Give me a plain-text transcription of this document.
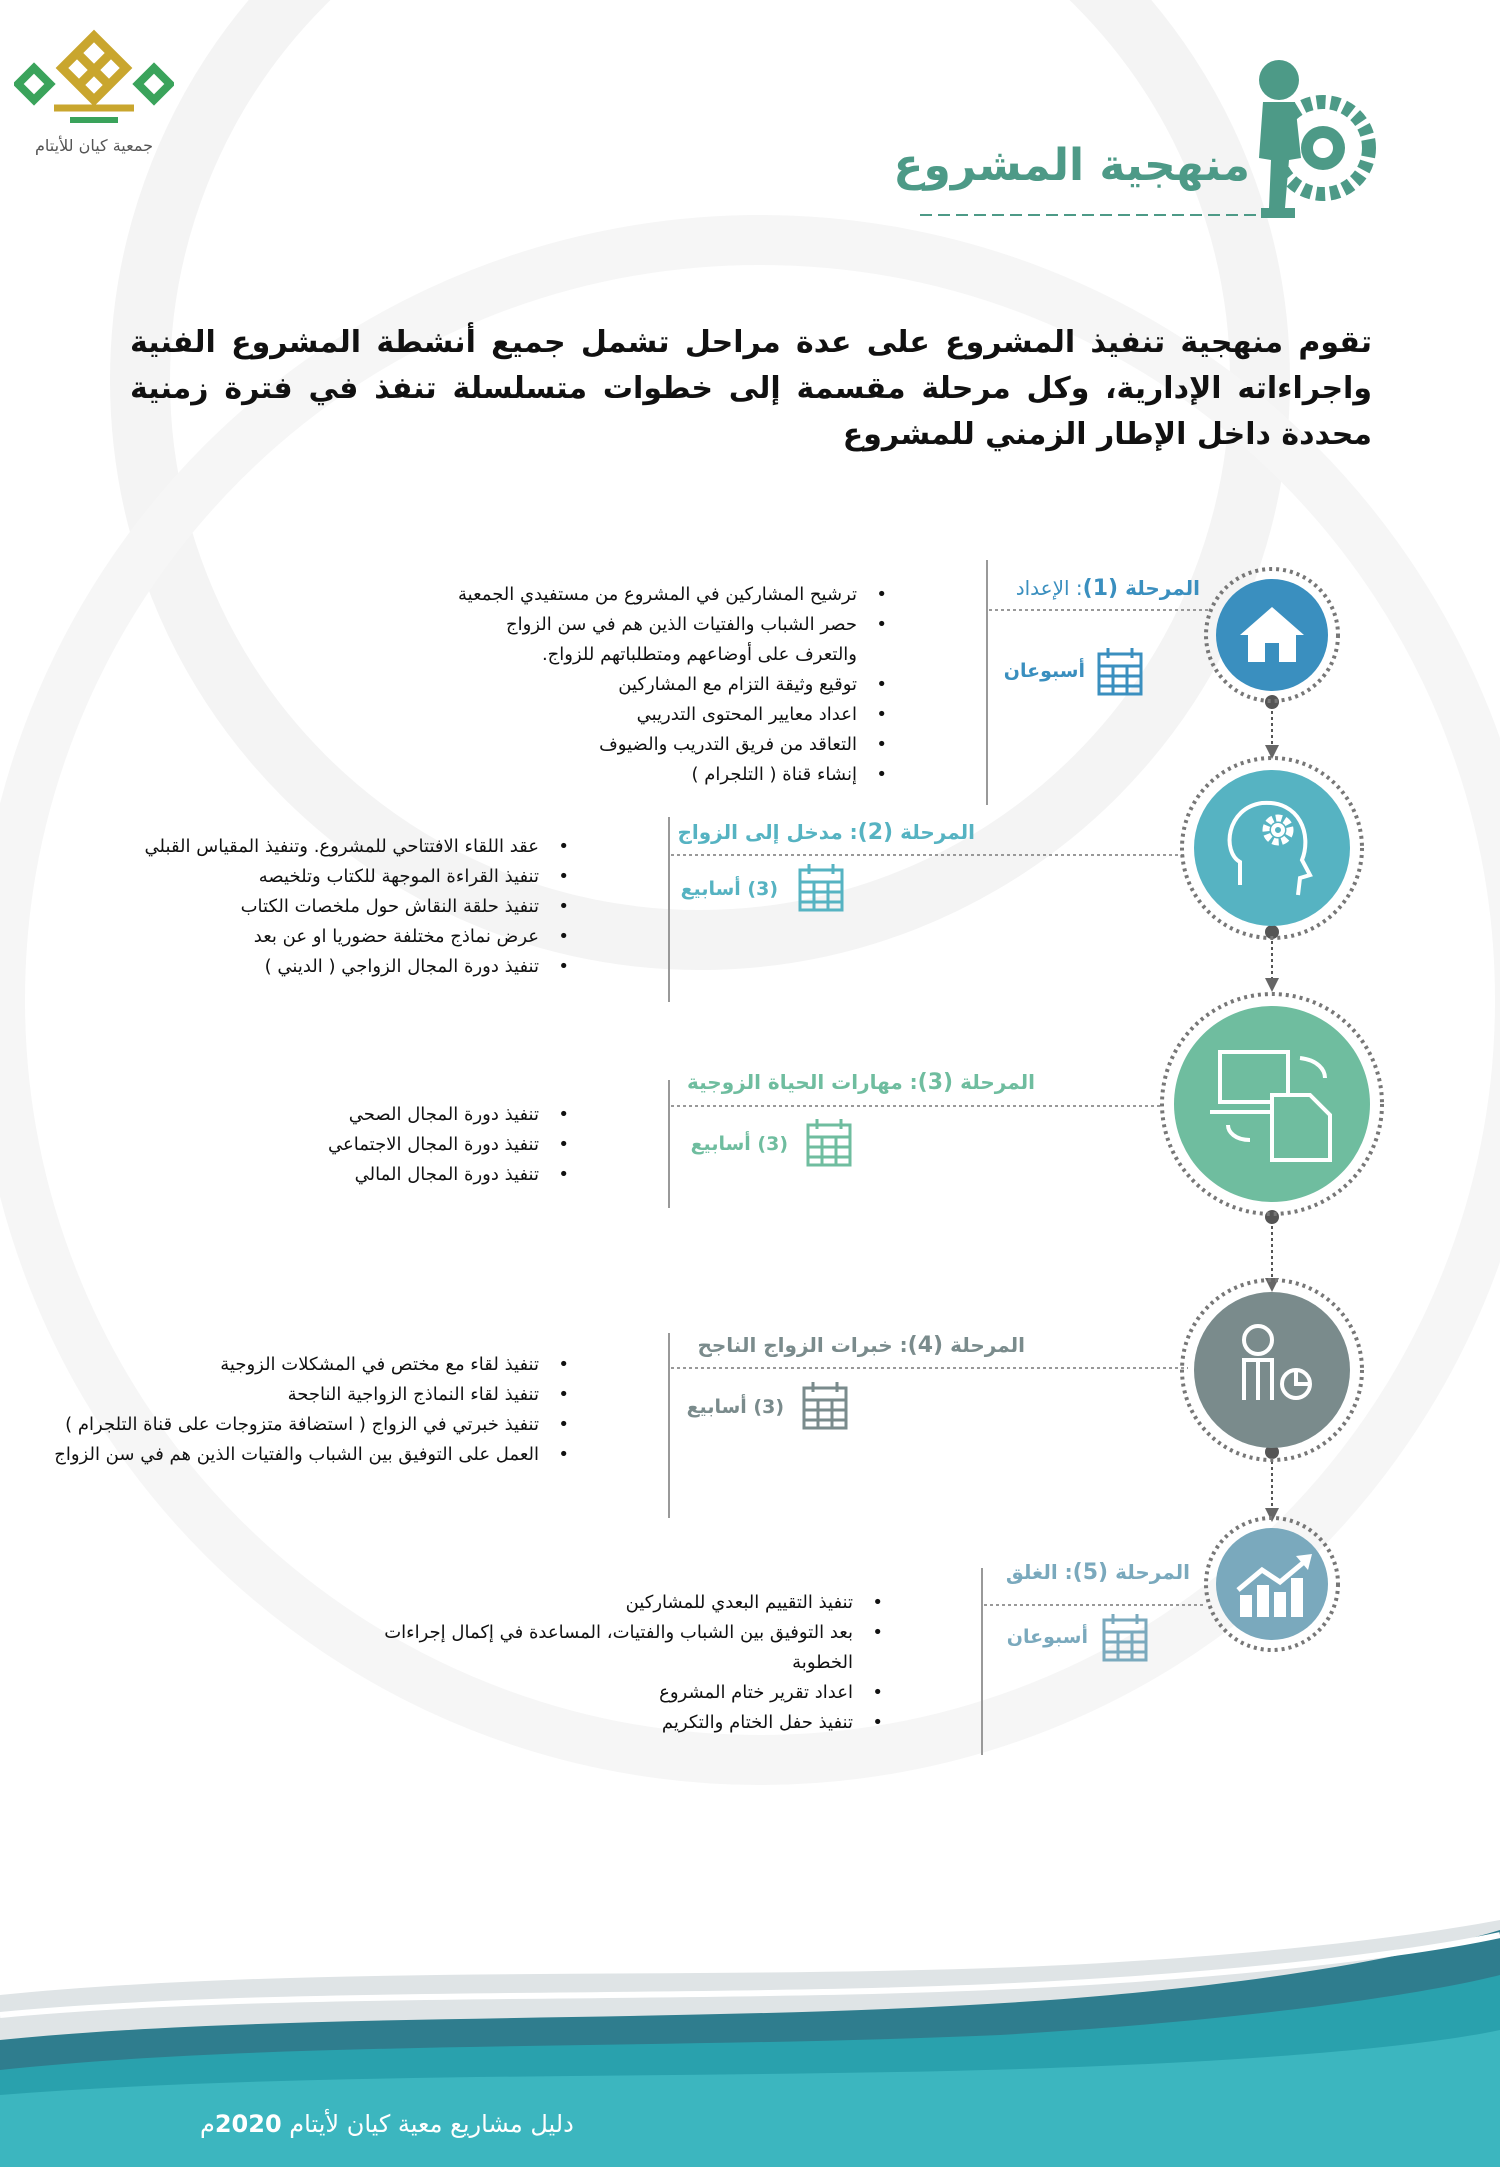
جمعية كيان للأيتام	منهجية المشروع
تقوم منهجية تنفيذ المشروع على عدة مراحل تشمل جميع أنشطة المشروع الفنية واجراءاته الإدارية، وكل مرحلة مقسمة إلى خطوات متسلسلة تنفذ في فترة زمنية محددة داخل الإطار الزمني للمشروع
المرحلة (1): الإعداد
أسبوعان
• ترشيح المشاركين في المشروع من مستفيدي الجمعية
• حصر الشباب والفتيات الذين هم في سن الزواج والتعرف على أوضاعهم ومتطلباتهم للزواج.
• توقيع وثيقة التزام مع المشاركين
• اعداد معايير المحتوى التدريبي
• التعاقد من فريق التدريب والضيوف
• إنشاء قناة ( التلجرام )
المرحلة (2): مدخل إلى الزواج
(3) أسابيع
• عقد اللقاء الافتتاحي للمشروع. وتنفيذ المقياس القبلي
• تنفيذ القراءة الموجهة للكتاب وتلخيصه
• تنفيذ حلقة النقاش حول ملخصات الكتاب
• عرض نماذج مختلفة حضوريا او عن بعد
• تنفيذ دورة المجال الزواجي ( الديني )
المرحلة (3): مهارات الحياة الزوجية
(3) أسابيع
• تنفيذ دورة المجال الصحي
• تنفيذ دورة المجال الاجتماعي
• تنفيذ دورة المجال المالي
المرحلة (4): خبرات الزواج الناجح
(3) أسابيع
• تنفيذ لقاء مع مختص في المشكلات الزوجية
• تنفيذ لقاء النماذج الزواجية الناجحة
• تنفيذ خبرتي في الزواج ( استضافة متزوجات على قناة التلجرام )
• العمل على التوفيق بين الشباب والفتيات الذين هم في سن الزواج
المرحلة (5): الغلق
أسبوعان
• تنفيذ التقييم البعدي للمشاركين
• بعد التوفيق بين الشباب والفتيات، المساعدة في إكمال إجراءات الخطوبة
• اعداد تقرير ختام المشروع
• تنفيذ حفل الختام والتكريم
دليل مشاريع معية كيان لأيتام 2020م
